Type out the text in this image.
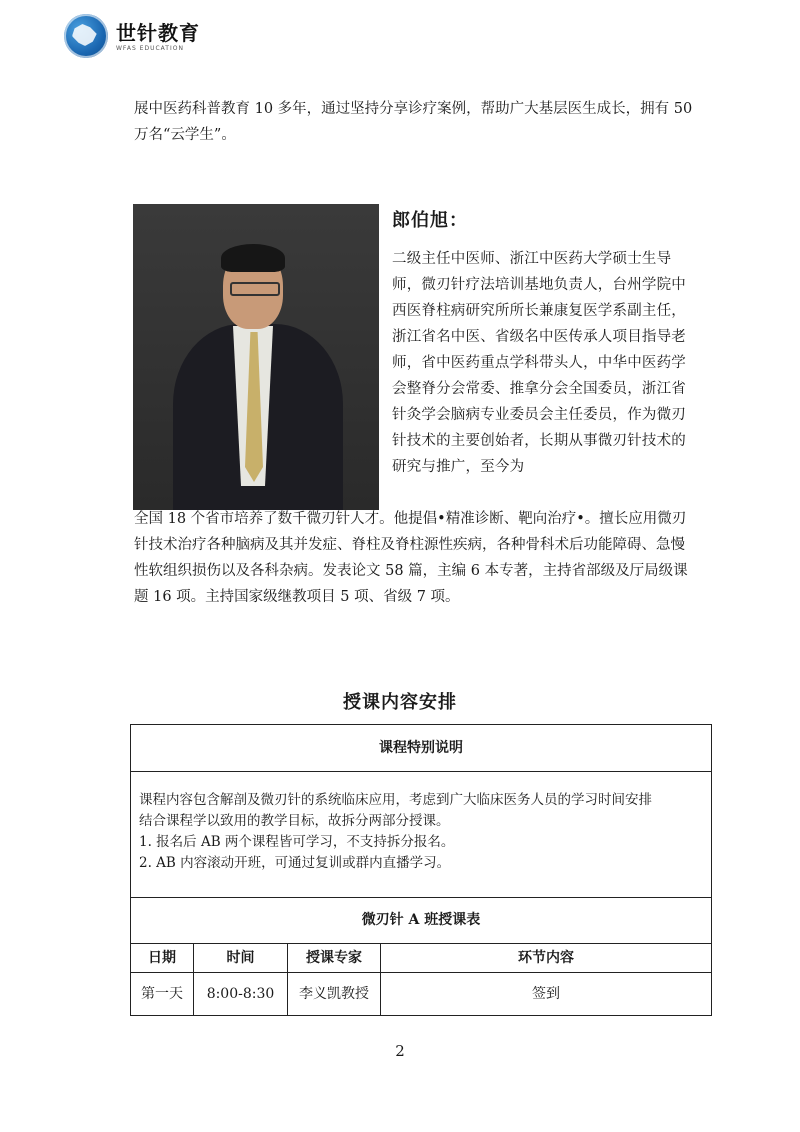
世针教育
WFAS EDUCATION
展中医药科普教育 10 多年，通过坚持分享诊疗案例，帮助广大基层医生成长，拥有 50 万名“云学生”。
郎伯旭：
二级主任中医师、浙江中医药大学硕士生导师，微刃针疗法培训基地负责人，台州学院中西医脊柱病研究所所长兼康复医学系副主任，浙江省名中医、省级名中医传承人项目指导老师，省中医药重点学科带头人，中华中医药学会整脊分会常委、推拿分会全国委员，浙江省针灸学会脑病专业委员会主任委员，作为微刃针技术的主要创始者，长期从事微刃针技术的研究与推广，至今为
全国 18 个省市培养了数千微刃针人才。他提倡•精准诊断、靶向治疗•。擅长应用微刃针技术治疗各种脑病及其并发症、脊柱及脊柱源性疾病，各种骨科术后功能障碍、急慢性软组织损伤以及各科杂病。发表论文 58 篇，主编 6 本专著，主持省部级及厅局级课题 16 项。主持国家级继教项目 5 项、省级 7 项。
授课内容安排
课程特别说明
课程内容包含解剖及微刃针的系统临床应用，考虑到广大临床医务人员的学习时间安排
结合课程学以致用的教学目标，故拆分两部分授课。
1. 报名后 AB 两个课程皆可学习，不支持拆分报名。
2. AB 内容滚动开班，可通过复训或群内直播学习。
微刃针 A 班授课表
日期	时间	授课专家	环节内容
第一天	8:00-8:30	李义凯教授	签到
2
